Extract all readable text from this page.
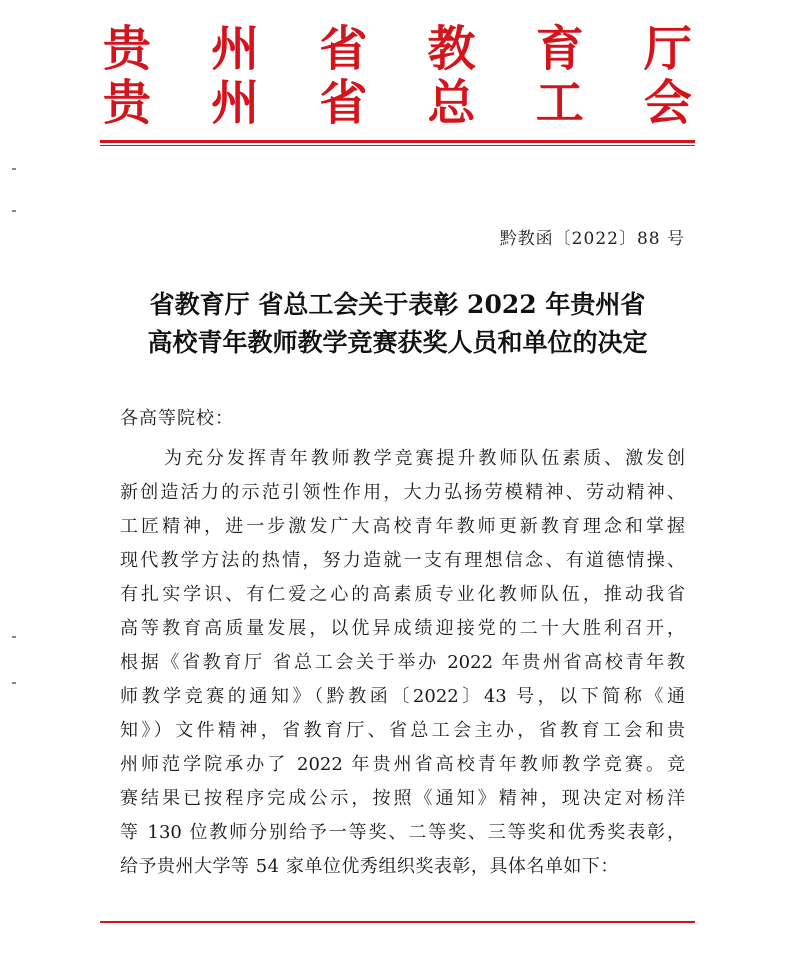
贵 州 省 教 育 厅
贵 州 省 总 工 会
黔教函〔2022〕88 号
省教育厅 省总工会关于表彰 2022 年贵州省
高校青年教师教学竞赛获奖人员和单位的决定
各高等院校：
为充分发挥青年教师教学竞赛提升教师队伍素质、激发创
新创造活力的示范引领性作用，大力弘扬劳模精神、劳动精神、
工匠精神，进一步激发广大高校青年教师更新教育理念和掌握
现代教学方法的热情，努力造就一支有理想信念、有道德情操、
有扎实学识、有仁爱之心的高素质专业化教师队伍，推动我省
高等教育高质量发展，以优异成绩迎接党的二十大胜利召开，
根据《省教育厅 省总工会关于举办 2022 年贵州省高校青年教
师教学竞赛的通知》（黔教函〔2022〕43 号，以下简称《通
知》）文件精神，省教育厅、省总工会主办，省教育工会和贵
州师范学院承办了 2022 年贵州省高校青年教师教学竞赛。竞
赛结果已按程序完成公示，按照《通知》精神，现决定对杨洋
等 130 位教师分别给予一等奖、二等奖、三等奖和优秀奖表彰，
给予贵州大学等 54 家单位优秀组织奖表彰，具体名单如下：
